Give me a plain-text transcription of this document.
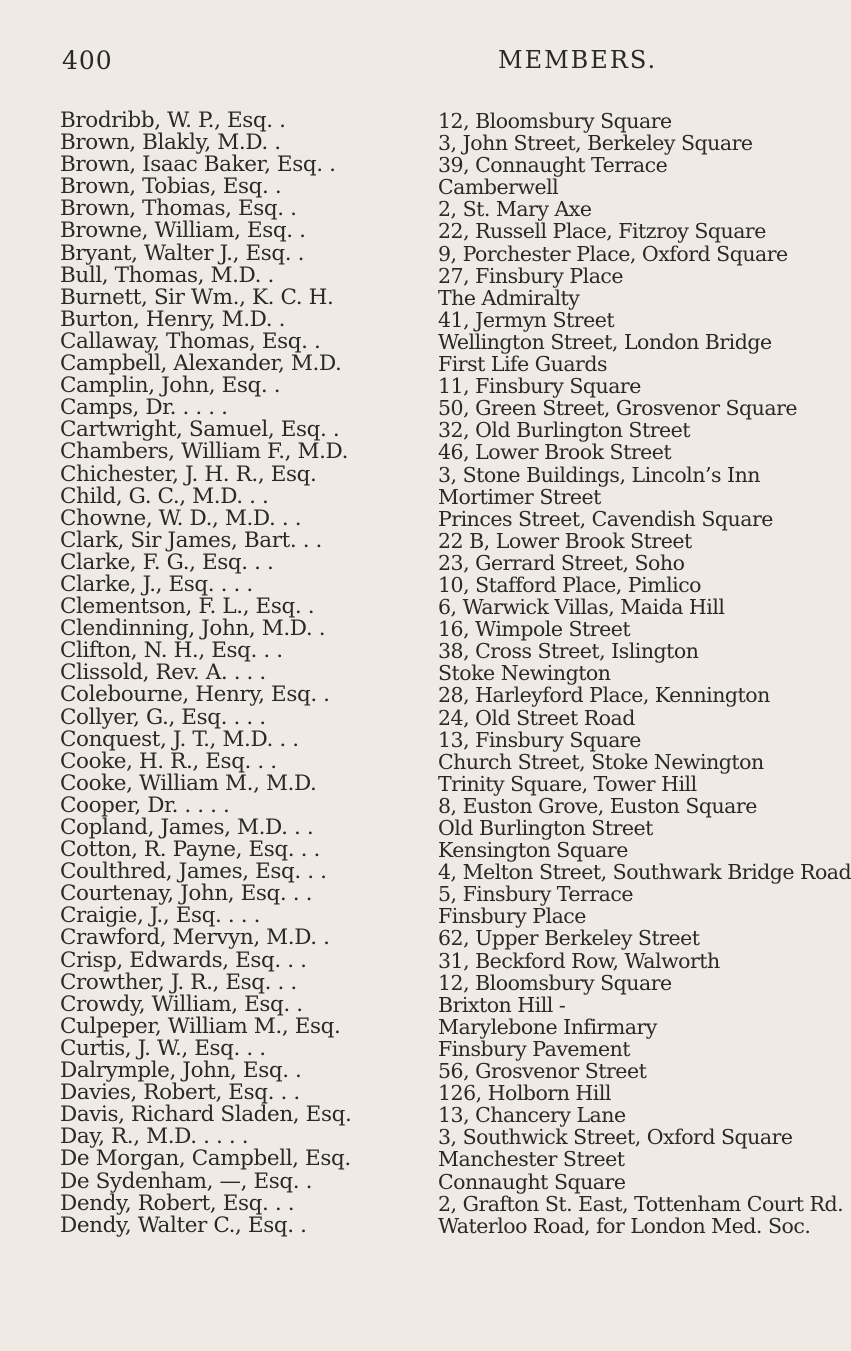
400	MEMBERS.
Brodribb, W. P., Esq. .	12, Bloomsbury Square
Brown, Blakly, M.D. .	3, John Street, Berkeley Square
Brown, Isaac Baker, Esq. .	39, Connaught Terrace
Brown, Tobias, Esq. .	Camberwell
Brown, Thomas, Esq. .	2, St. Mary Axe
Browne, William, Esq. .	22, Russell Place, Fitzroy Square
Bryant, Walter J., Esq. .	9, Porchester Place, Oxford Square
Bull, Thomas, M.D. .	27, Finsbury Place
Burnett, Sir Wm., K. C. H.	The Admiralty
Burton, Henry, M.D. .	41, Jermyn Street
Callaway, Thomas, Esq. .	Wellington Street, London Bridge
Campbell, Alexander, M.D.	First Life Guards
Camplin, John, Esq. .	11, Finsbury Square
Camps, Dr. . . . .	50, Green Street, Grosvenor Square
Cartwright, Samuel, Esq. .	32, Old Burlington Street
Chambers, William F., M.D.	46, Lower Brook Street
Chichester, J. H. R., Esq.	3, Stone Buildings, Lincoln’s Inn
Child, G. C., M.D. . .	Mortimer Street
Chowne, W. D., M.D. . .	Princes Street, Cavendish Square
Clark, Sir James, Bart. . .	22 B, Lower Brook Street
Clarke, F. G., Esq. . .	23, Gerrard Street, Soho
Clarke, J., Esq. . . .	10, Stafford Place, Pimlico
Clementson, F. L., Esq. .	6, Warwick Villas, Maida Hill
Clendinning, John, M.D. .	16, Wimpole Street
Clifton, N. H., Esq. . .	38, Cross Street, Islington
Clissold, Rev. A. . . .	Stoke Newington
Colebourne, Henry, Esq. .	28, Harleyford Place, Kennington
Collyer, G., Esq. . . .	24, Old Street Road
Conquest, J. T., M.D. . .	13, Finsbury Square
Cooke, H. R., Esq. . .	Church Street, Stoke Newington
Cooke, William M., M.D.	Trinity Square, Tower Hill
Cooper, Dr. . . . .	8, Euston Grove, Euston Square
Copland, James, M.D. . .	Old Burlington Street
Cotton, R. Payne, Esq. . .	Kensington Square
Coulthred, James, Esq. . .	4, Melton Street, Southwark Bridge Road
Courtenay, John, Esq. . .	5, Finsbury Terrace
Craigie, J., Esq. . . .	Finsbury Place
Crawford, Mervyn, M.D. .	62, Upper Berkeley Street
Crisp, Edwards, Esq. . .	31, Beckford Row, Walworth
Crowther, J. R., Esq. . .	12, Bloomsbury Square
Crowdy, William, Esq. .	Brixton Hill -
Culpeper, William M., Esq.	Marylebone Infirmary
Curtis, J. W., Esq. . .	Finsbury Pavement
Dalrymple, John, Esq. .	56, Grosvenor Street
Davies, Robert, Esq. . .	126, Holborn Hill
Davis, Richard Sladen, Esq.	13, Chancery Lane
Day, R., M.D. . . . .	3, Southwick Street, Oxford Square
De Morgan, Campbell, Esq.	Manchester Street
De Sydenham, —, Esq. .	Connaught Square
Dendy, Robert, Esq. . .	2, Grafton St. East, Tottenham Court Rd.
Dendy, Walter C., Esq. .	Waterloo Road, for London Med. Soc.
